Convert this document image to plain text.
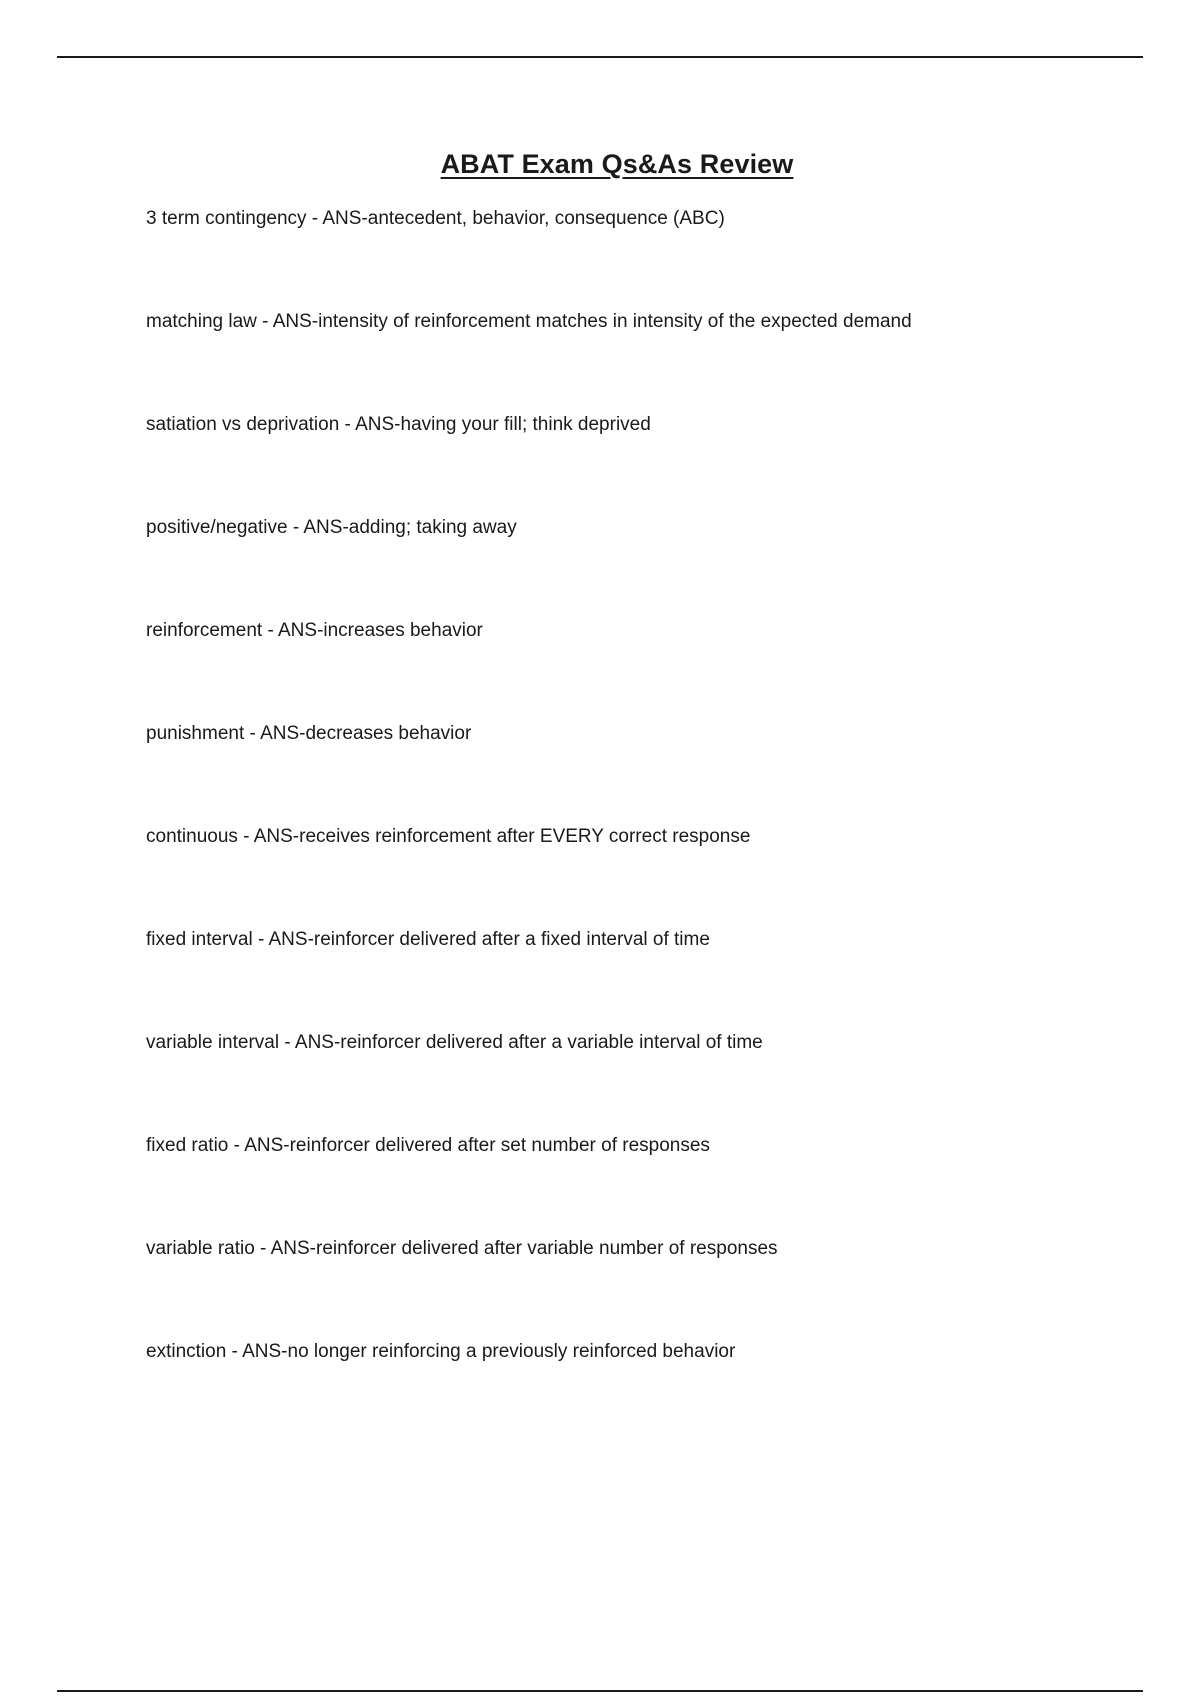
ABAT Exam Qs&As Review
3 term contingency - ANS-antecedent, behavior, consequence (ABC)
matching law - ANS-intensity of reinforcement matches in intensity of the expected demand
satiation vs deprivation - ANS-having your fill; think deprived
positive/negative - ANS-adding; taking away
reinforcement - ANS-increases behavior
punishment - ANS-decreases behavior
continuous - ANS-receives reinforcement after EVERY correct response
fixed interval - ANS-reinforcer delivered after a fixed interval of time
variable interval - ANS-reinforcer delivered after a variable interval of time
fixed ratio - ANS-reinforcer delivered after set number of responses
variable ratio - ANS-reinforcer delivered after variable number of responses
extinction - ANS-no longer reinforcing a previously reinforced behavior
